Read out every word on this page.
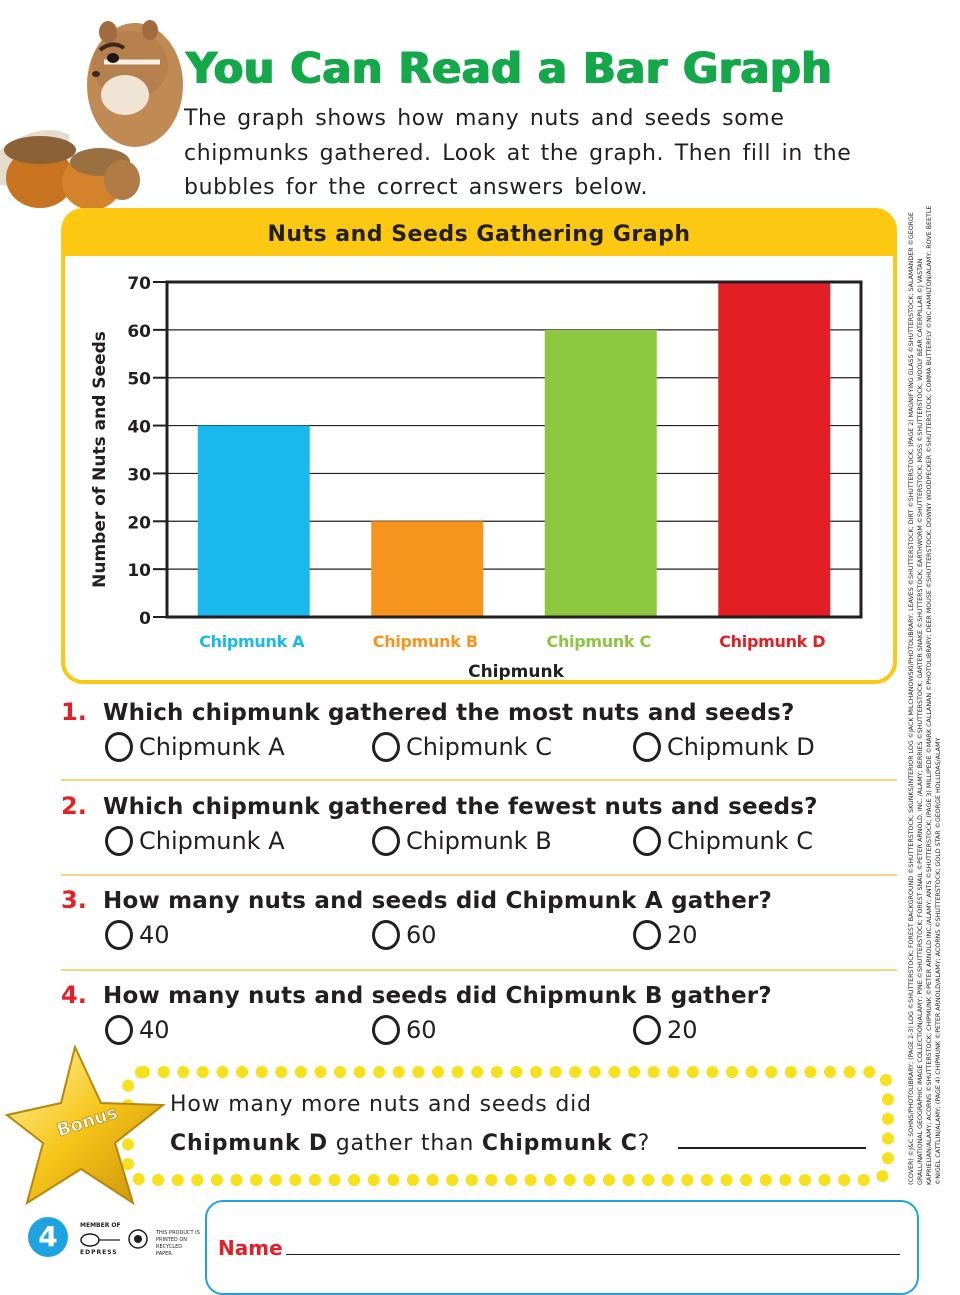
You Can Read a Bar Graph

The graph shows how many nuts and seeds some chipmunks gathered. Look at the graph. Then fill in the bubbles for the correct answers below.

Nuts and Seeds Gathering Graph
0
10
20
30
40
50
60
70
Chipmunk A	Chipmunk B	Chipmunk C	Chipmunk D
Chipmunk
Number of Nuts and Seeds
1. Which chipmunk gathered the most nuts and seeds?
Chipmunk A	Chipmunk C	Chipmunk D
2. Which chipmunk gathered the fewest nuts and seeds?
Chipmunk A	Chipmunk B	Chipmunk C
3. How many nuts and seeds did Chipmunk A gather?
40	60	20
4. How many nuts and seeds did Chipmunk B gather?
40	60	20
Bonus How many more nuts and seeds did
Chipmunk D gather than Chipmunk C?
4	MEMBER OF
EDPRESS
THIS PRODUCT IS PRINTED ON RECYCLED PAPER.	Name
(COVER) ©J&C SOHNS/PHOTOLIBRARY; (PAGE 2-3) LOG ©SHUTTERSTOCK; FOREST BACKGROUND ©SHUTTERSTOCK; SKUNKS/INTERIOR LOG ©JACK MILCHANOWSKI/PHOTOLIBRARY; LEAVES ©SHUTTERSTOCK; DIRT ©SHUTTERSTOCK; (PAGE 2) MAGNIFYING GLASS ©SHUTTERSTOCK; SALAMANDER ©GEORGE GRALL/NATIONAL GEOGRAPHIC IMAGE COLLECTION/ALAMY; PINE ©SHUTTERSTOCK; FOREST SNAIL ©PETER ARNOLD, INC. /ALAMY; BERRIES ©SHUTTERSTOCK; GARTER SNAKE ©SHUTTERSTOCK; EARTHWORM ©SHUTTERSTOCK; MOSS ©SHUTTERSTOCK; WOOLY BEAR CATERPILLAR ©J VASTAN KAPRIELIAN/ALAMY; ACORNS ©SHUTTERSTOCK; CHIPMUNK ©PETER ARNOLD INC./ALAMY; ANTS ©SHUTTERSTOCK; (PAGE 3) MILLIPEDE ©MARK CALLANAN ©PHOTOLIBRARY; DEER MOUSE ©SHUTTERSTOCK; DOWNY WOODPECKER ©SHUTTERSTOCK; COMMA BUTTERFLY ©NIC HAMILTON/ALAMY; ROVE BEETLE ©NIGEL CATTLIN/ALAMY; (PAGE 4) CHIPMUNK ©PETER ARNOLD/ALAMY; ACORNS ©SHUTTERSTOCK; GOLD STAR ©GEORGE HOLLIDAS/ALAMY
